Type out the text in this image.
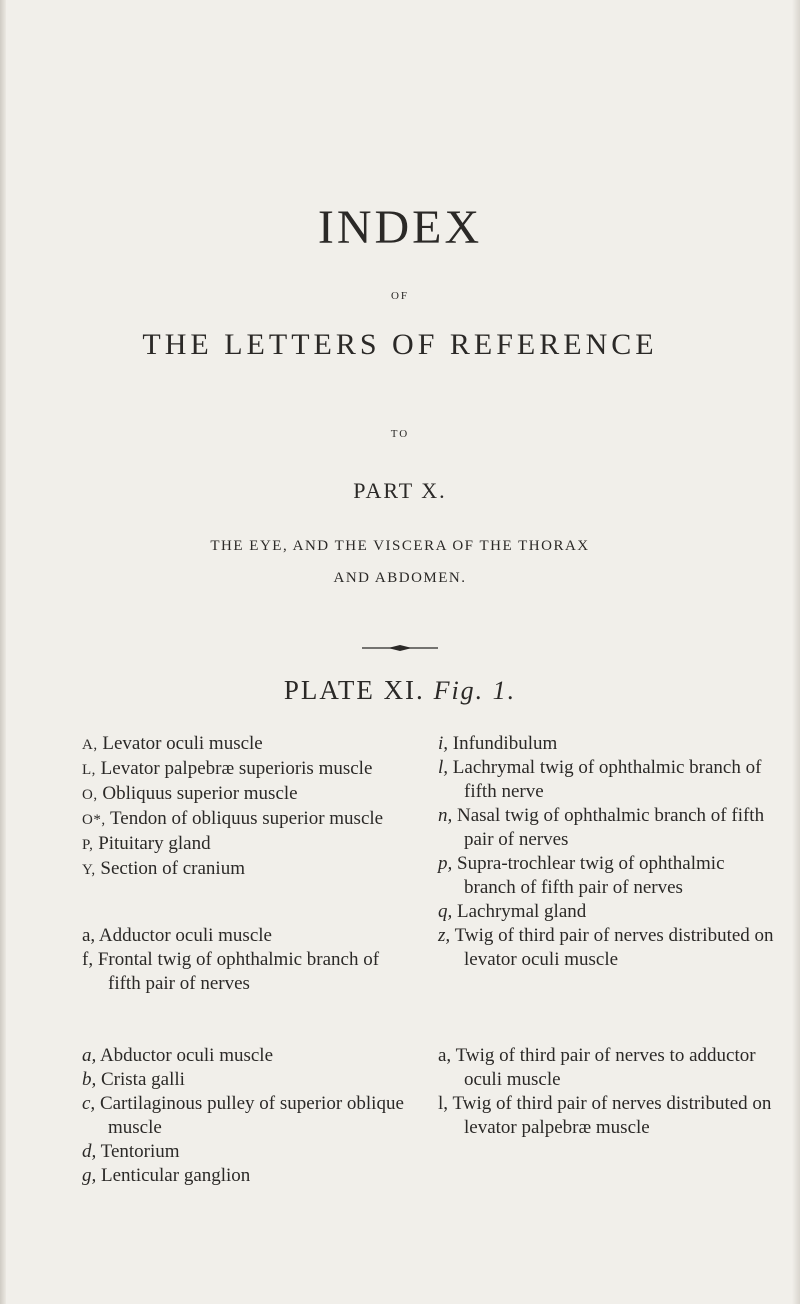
INDEX
OF
THE LETTERS OF REFERENCE
TO
PART X.
THE EYE, AND THE VISCERA OF THE THORAX
AND ABDOMEN.
PLATE XI. Fig. 1.

A, Levator oculi muscle

L, Levator palpebræ superioris muscle

O, Obliquus superior muscle

O*, Tendon of obliquus superior muscle

P, Pituitary gland

Y, Section of cranium

a, Adductor oculi muscle

f, Frontal twig of ophthalmic branch of fifth pair of nerves

a, Abductor oculi muscle

b, Crista galli

c, Cartilaginous pulley of superior oblique muscle

d, Tentorium

g, Lenticular ganglion

i, Infundibulum

l, Lachrymal twig of ophthalmic branch of fifth nerve

n, Nasal twig of ophthalmic branch of fifth pair of nerves

p, Supra-trochlear twig of ophthalmic branch of fifth pair of nerves

q, Lachrymal gland

z, Twig of third pair of nerves distributed on levator oculi muscle

a, Twig of third pair of nerves to adductor oculi muscle

l, Twig of third pair of nerves distributed on levator palpebræ muscle
